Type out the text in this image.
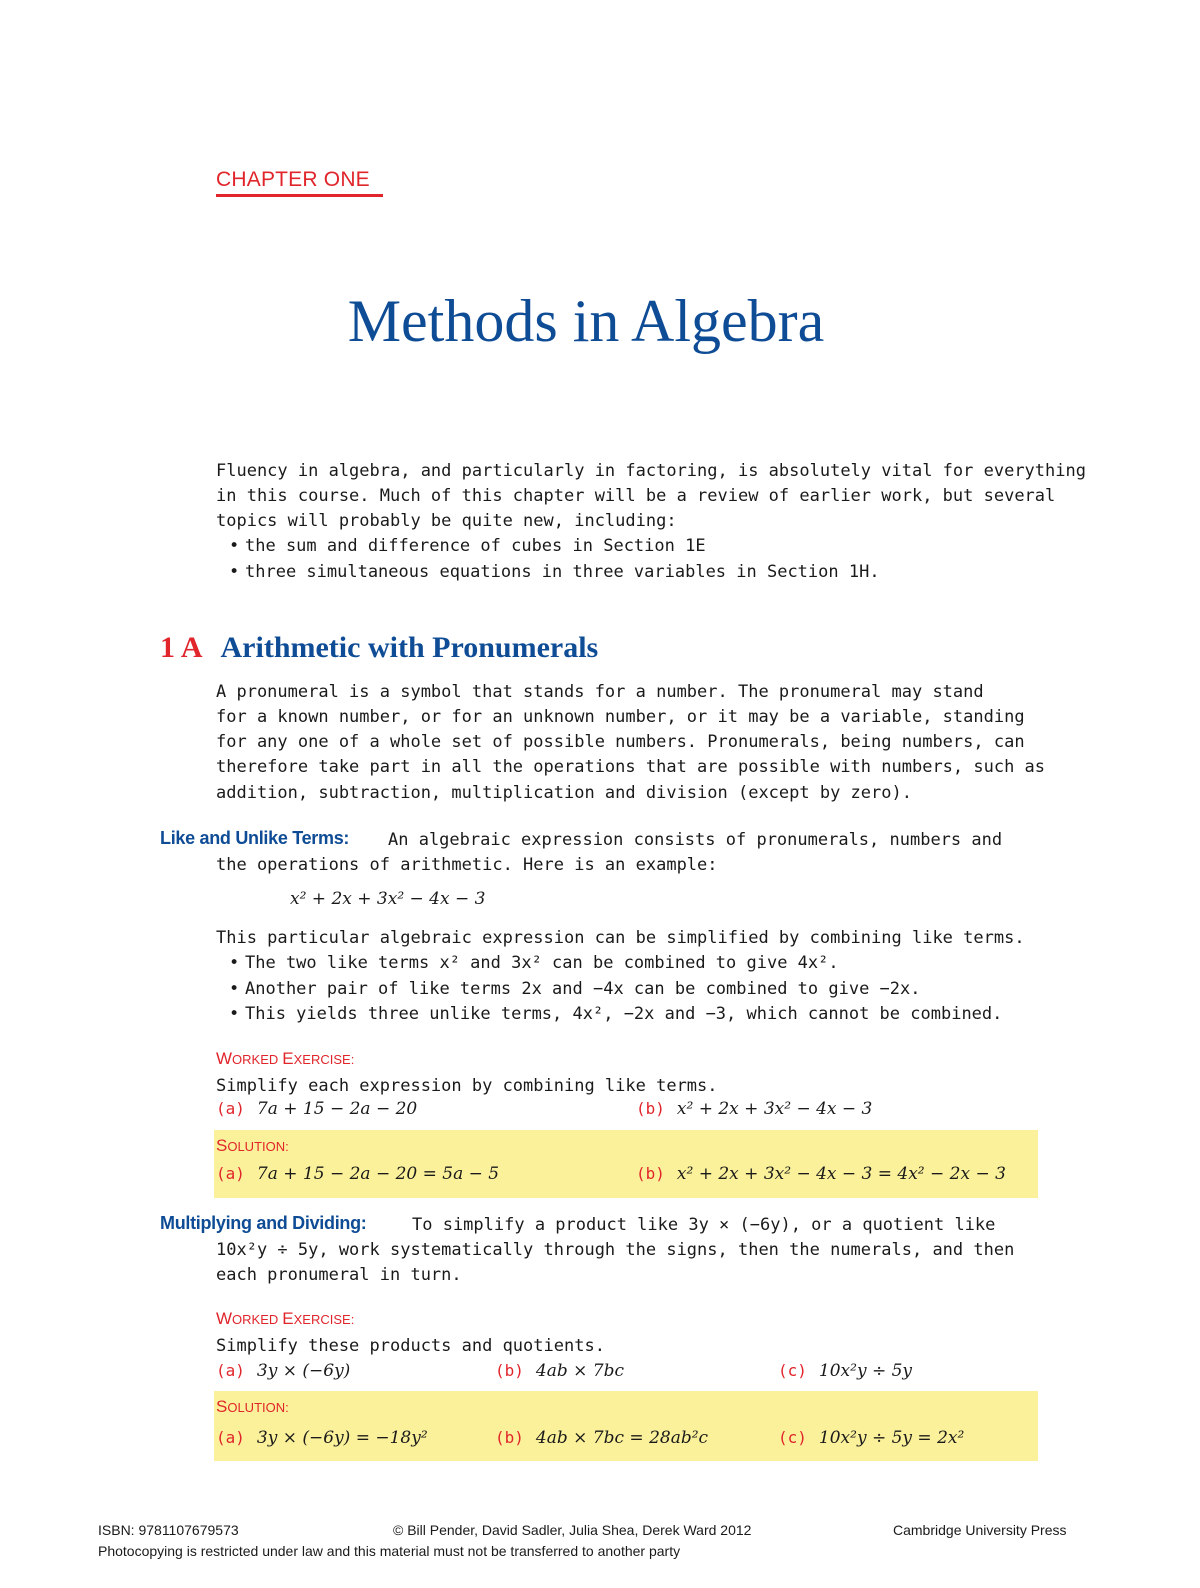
CHAPTER ONE
Methods in Algebra
Fluency in algebra, and particularly in factoring, is absolutely vital for everything
in this course. Much of this chapter will be a review of earlier work, but several
topics will probably be quite new, including:
• the sum and difference of cubes in Section 1E
• three simultaneous equations in three variables in Section 1H.
1 A Arithmetic with Pronumerals
A pronumeral is a symbol that stands for a number. The pronumeral may stand
for a known number, or for an unknown number, or it may be a variable, standing
for any one of a whole set of possible numbers. Pronumerals, being numbers, can
therefore take part in all the operations that are possible with numbers, such as
addition, subtraction, multiplication and division (except by zero).
Like and Unlike Terms: An algebraic expression consists of pronumerals, numbers and
the operations of arithmetic. Here is an example:
x² + 2x + 3x² − 4x − 3
This particular algebraic expression can be simplified by combining like terms.
• The two like terms x² and 3x² can be combined to give 4x².
• Another pair of like terms 2x and −4x can be combined to give −2x.
• This yields three unlike terms, 4x², −2x and −3, which cannot be combined.
WORKED EXERCISE:
Simplify each expression by combining like terms.
(a) 7a + 15 − 2a − 20	(b) x² + 2x + 3x² − 4x − 3
SOLUTION:
(a) 7a + 15 − 2a − 20 = 5a − 5	(b) x² + 2x + 3x² − 4x − 3 = 4x² − 2x − 3
Multiplying and Dividing:	To simplify a product like 3y × (−6y), or a quotient like
10x²y ÷ 5y, work systematically through the signs, then the numerals, and then
each pronumeral in turn.
WORKED EXERCISE:
Simplify these products and quotients.
(a) 3y × (−6y)	(b) 4ab × 7bc	(c) 10x²y ÷ 5y
SOLUTION:
(a) 3y × (−6y) = −18y²	(b) 4ab × 7bc = 28ab²c	(c) 10x²y ÷ 5y = 2x²
ISBN: 9781107679573	© Bill Pender, David Sadler, Julia Shea, Derek Ward 2012	Cambridge University Press
Photocopying is restricted under law and this material must not be transferred to another party
